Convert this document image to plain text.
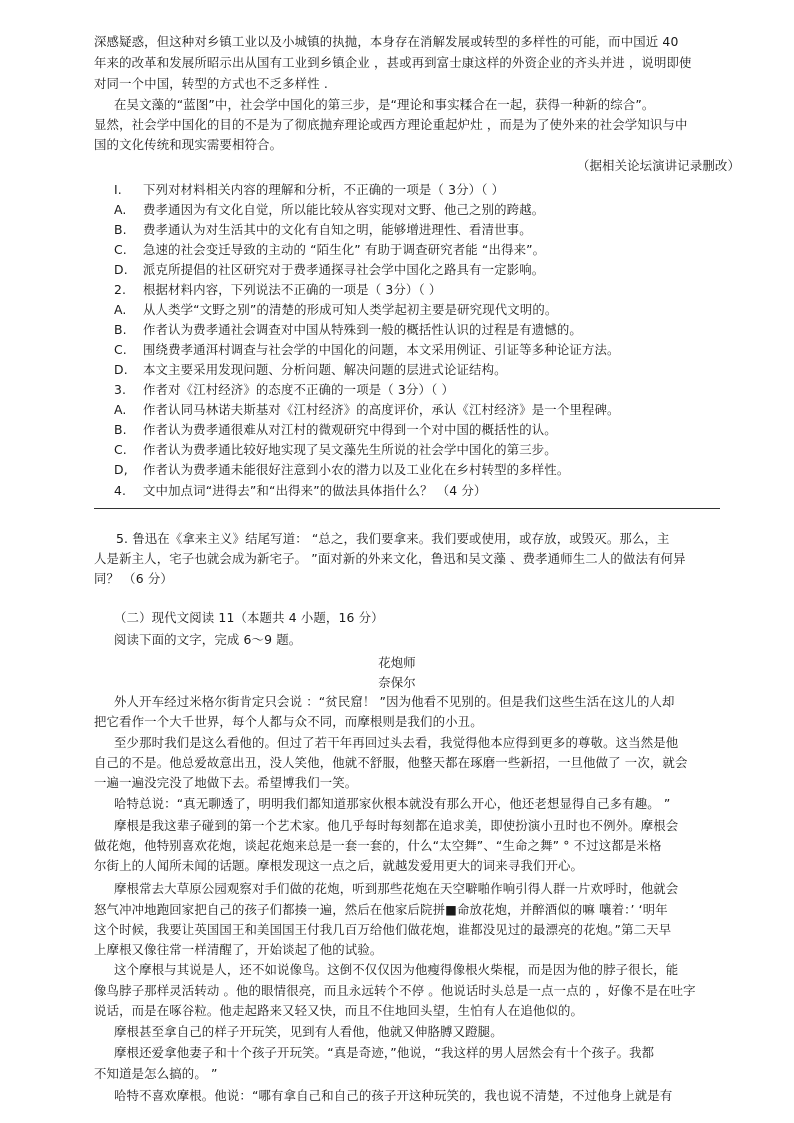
深感疑惑，但这种对乡镇工业以及小城镇的执抛，本身存在消解发展或转型的多样性的可能，而中国近 40
年来的改革和发展所昭示出从国有工业到乡镇企业 ，甚或再到富士康这样的外资企业的齐头并进 ，说明即使
对同一个中国，转型的方式也不乏多样性 .
在吴文藻的“蓝图”中，社会学中国化的第三步，是“理论和事实糅合在一起，获得一种新的综合”。
显然，社会学中国化的目的不是为了彻底抛弃理论或西方理论重起炉灶 ，而是为了使外来的社会学知识与中
国的文化传统和现实需要相符合。
（据相关论坛演讲记录删改）
I. 下列对材料相关内容的理解和分析，不正确的一项是（ 3分）（ ）
A. 费孝通因为有文化自觉，所以能比较从容实现对文野、他己之别的跨越。
B. 费孝通认为对生活其中的文化有自知之明，能够增进理性、看清世事。
C. 急速的社会变迁导致的主动的 “陌生化” 有助于调查研究者能 “出得来”。
D. 派克所提倡的社区研究对于费孝通探寻社会学中国化之路具有一定影响。
2. 根据材料内容，下列说法不正确的一项是（ 3分）（ ）
A. 从人类学“文野之别”的清楚的形成可知人类学起初主要是研究现代文明的。
B. 作者认为费孝通社会调查对中国从特殊到一般的概括性认识的过程是有遗憾的。
C. 围绕费孝通洱村调查与社会学的中国化的问题，本文采用例证、引证等多种论证方法。
D. 本文主要采用发现问题、分析问题、解决问题的层进式论证结构。
3. 作者对《江村经济》的态度不正确的一项是（ 3分）（ ）
A. 作者认同马林诺夫斯基对《江村经济》的高度评价，承认《江村经济》是一个里程碑。
B. 作者认为费孝通很难从对江村的微观研究中得到一个对中国的概括性的认。
C. 作者认为费孝通比较好地实现了吴文藻先生所说的社会学中国化的第三步。
D, 作者认为费孝通未能很好注意到小农的潜力以及工业化在乡村转型的多样性。
4. 文中加点词“进得去”和“出得来”的做法具体指什么？ （4 分）
5. 鲁迅在《拿来主义》结尾写道： “总之，我们要拿来。我们要或使用，或存放，或毁灭。那么，主
人是新主人，宅子也就会成为新宅子。 ”面对新的外来文化，鲁迅和吴文藻 、费孝通师生二人的做法有何异
同？ （6 分）
（二）现代文阅读 11（本题共 4 小题，16 分）
阅读下面的文字，完成 6～9 题。
花炮师
奈保尔
外人开车经过米格尔街肯定只会说 ：“贫民窟！ ”因为他看不见别的。但是我们这些生活在这儿的人却
把它看作一个大千世界，每个人都与众不同，而摩根则是我们的小丑。
至少那时我们是这么看他的。但过了若干年再回过头去看，我觉得他本应得到更多的尊敬。这当然是他
自己的不是。他总爱故意出丑，没人笑他，他就不舒服，他整天都在琢磨一些新招，一旦他做了 一次，就会
一遍一遍没完没了地做下去。希望博我们一笑。
哈特总说：“真无聊透了，明明我们都知道那家伙根本就没有那么开心，他还老想显得自己多有趣。 ”
摩根是我这辈子碰到的第一个艺术家。他几乎每时每刻都在追求美，即使扮演小丑时也不例外。摩根会
做花炮，他特别喜欢花炮，谈起花炮来总是一套一套的，什么“太空舞”、“生命之舞” ° 不过这都是米格
尔街上的人闻所未闻的话题。摩根发现这一点之后，就越发爱用更大的词来寻我们开心。
摩根常去大草原公园观察对手们做的花炮，听到那些花炮在天空噼啪作响引得人群一片欢呼时，他就会
怒气冲冲地跑回家把自己的孩子们都揍一遍，然后在他家后院拼■命放花炮，并醉酒似的嘛 嚷着：’ ‘明年
这个时候，我要让英国国王和美国国王付我几百万给他们做花炮，谁都没见过的最漂亮的花炮。”第二天早
上摩根又像往常一样清醒了，开始谈起了他的试验。
这个摩根与其说是人，还不如说像鸟。这倒不仅仅因为他瘦得像根火柴棍，而是因为他的脖子很长，能
像鸟脖子那样灵活转动 。他的眼情很亮，而且永远转个不停 。他说话时头总是一点一点的 ，好像不是在吐字
说话，而是在啄谷粒。他走起路来又轻又快，而且不住地回头望，生怕有人在追他似的。
摩根甚至拿自己的样子开玩笑，见到有人看他，他就又伸胳膊又蹬腿。
摩根还爱拿他妻子和十个孩子开玩笑。“真是奇迹，”他说，“我这样的男人居然会有十个孩子。我都
不知道是怎么搞的。 ”
哈特不喜欢摩根。他说：“哪有拿自己和自己的孩子开这种玩笑的，我也说不清楚，不过他身上就是有
